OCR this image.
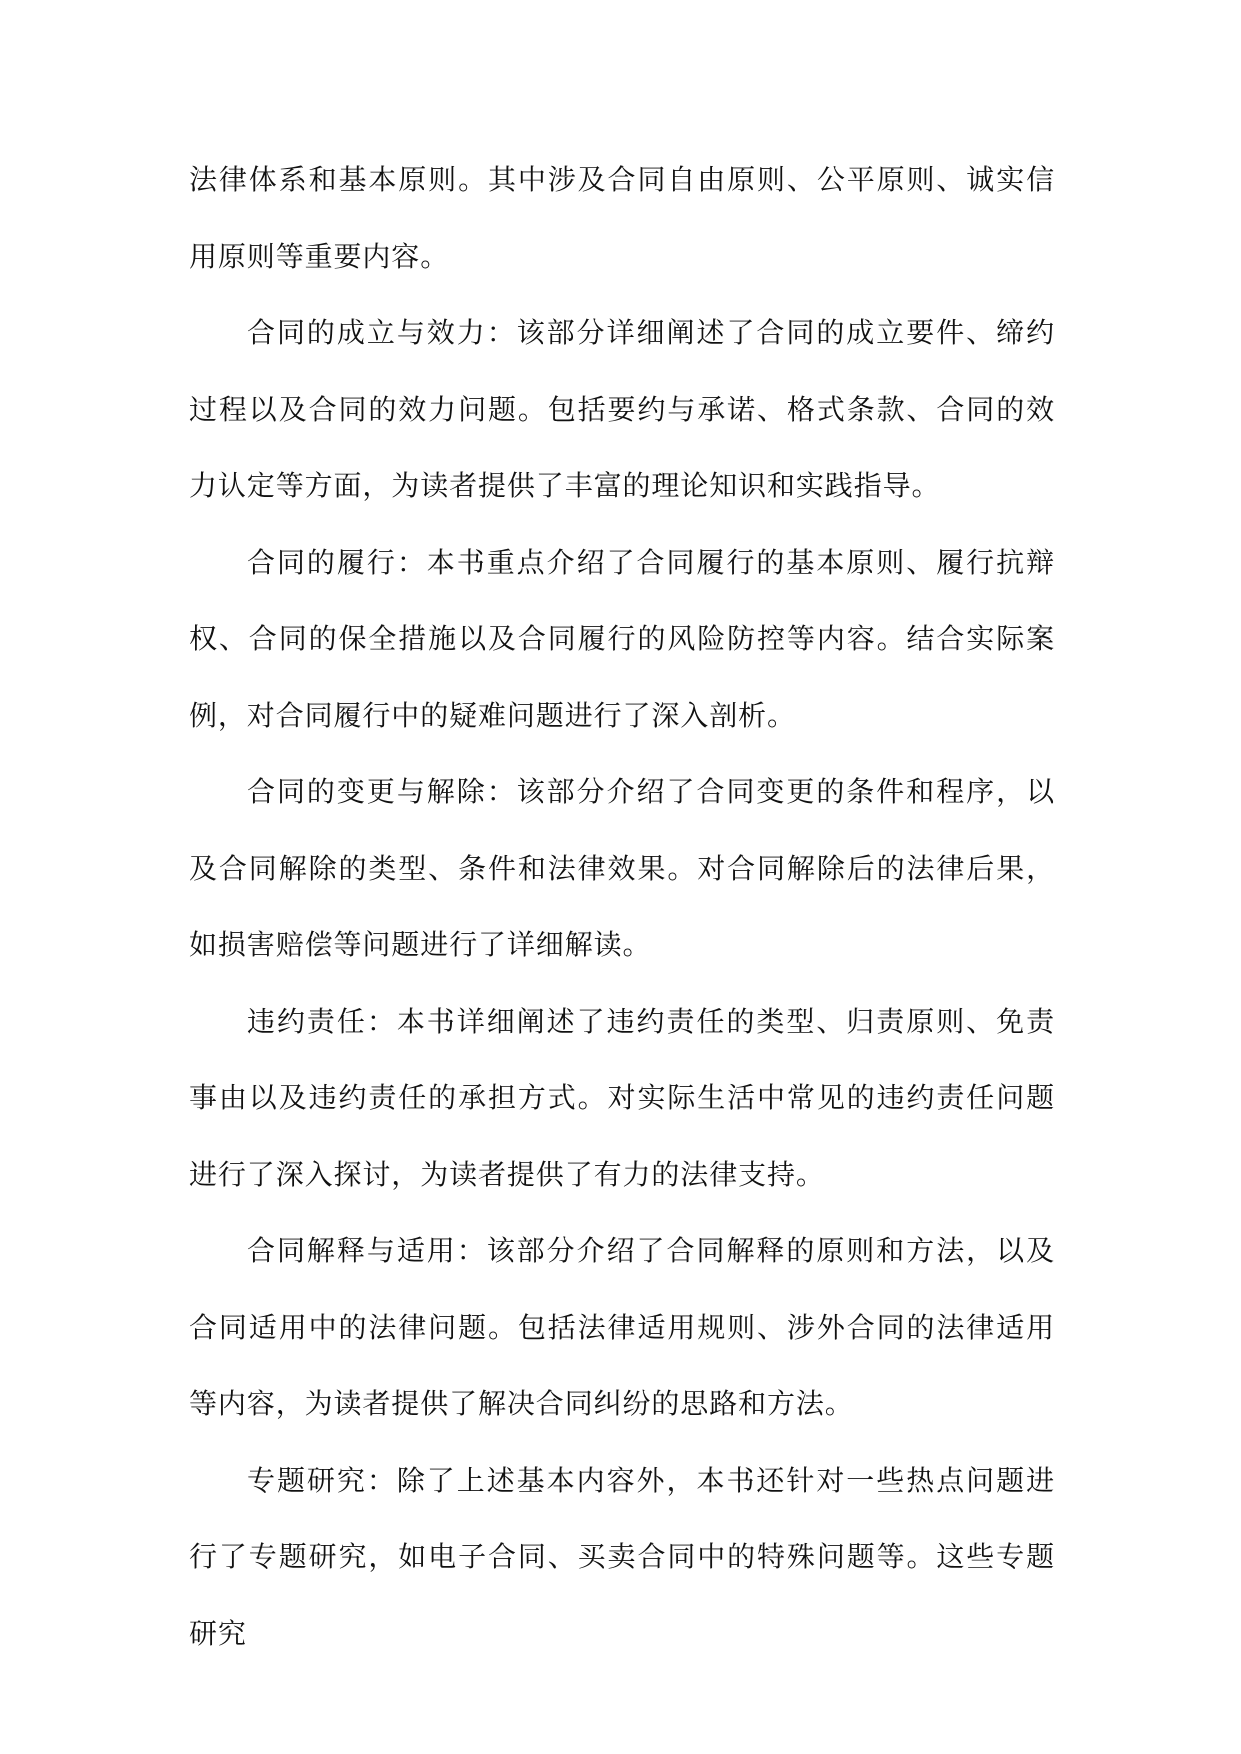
法律体系和基本原则。其中涉及合同自由原则、公平原则、诚实信用原则等重要内容。

合同的成立与效力：该部分详细阐述了合同的成立要件、缔约过程以及合同的效力问题。包括要约与承诺、格式条款、合同的效力认定等方面，为读者提供了丰富的理论知识和实践指导。

合同的履行：本书重点介绍了合同履行的基本原则、履行抗辩权、合同的保全措施以及合同履行的风险防控等内容。结合实际案例，对合同履行中的疑难问题进行了深入剖析。

合同的变更与解除：该部分介绍了合同变更的条件和程序，以及合同解除的类型、条件和法律效果。对合同解除后的法律后果，如损害赔偿等问题进行了详细解读。

违约责任：本书详细阐述了违约责任的类型、归责原则、免责事由以及违约责任的承担方式。对实际生活中常见的违约责任问题进行了深入探讨，为读者提供了有力的法律支持。

合同解释与适用：该部分介绍了合同解释的原则和方法，以及合同适用中的法律问题。包括法律适用规则、涉外合同的法律适用等内容，为读者提供了解决合同纠纷的思路和方法。

专题研究：除了上述基本内容外，本书还针对一些热点问题进行了专题研究，如电子合同、买卖合同中的特殊问题等。这些专题研究
